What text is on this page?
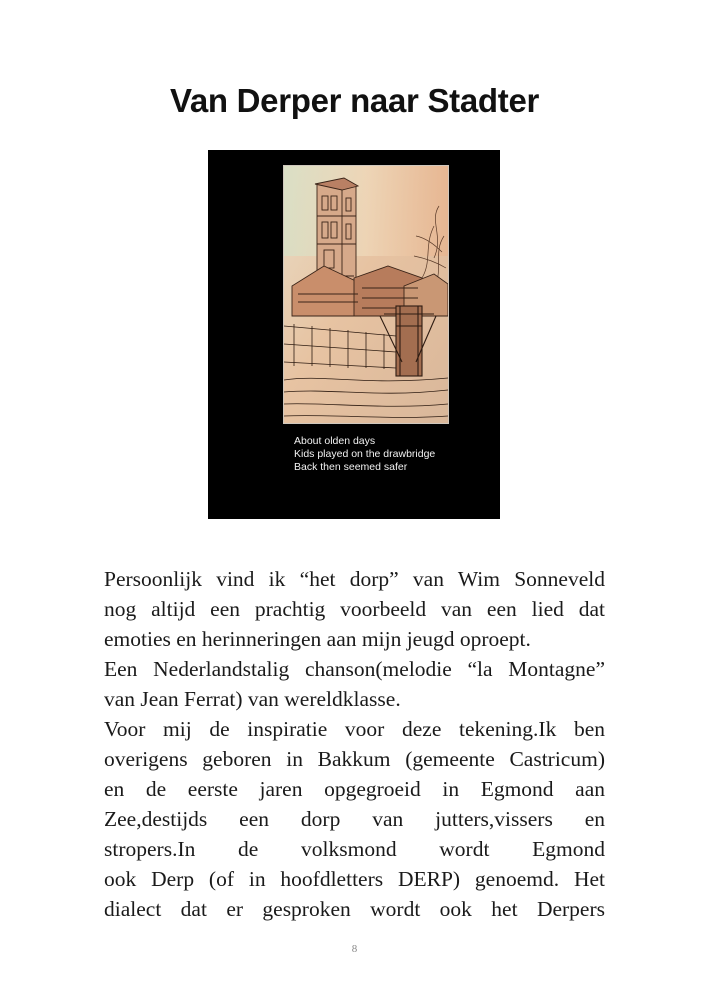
Van Derper naar Stadter
About olden days
Kids played on the drawbridge
Back then seemed safer
Persoonlijk vind ik “het dorp” van Wim Sonneveld
nog altijd een prachtig voorbeeld van een lied dat
emoties en herinneringen aan mijn jeugd oproept.
Een Nederlandstalig chanson(melodie “la Montagne”
van Jean Ferrat) van wereldklasse.
Voor mij de inspiratie voor deze tekening.Ik ben
overigens geboren in Bakkum (gemeente Castricum)
en de eerste jaren opgegroeid in Egmond aan
Zee,destijds een dorp van jutters,vissers en
stropers.In de volksmond wordt Egmond
ook Derp (of in hoofdletters DERP) genoemd. Het
dialect dat er gesproken wordt ook het Derpers
8
